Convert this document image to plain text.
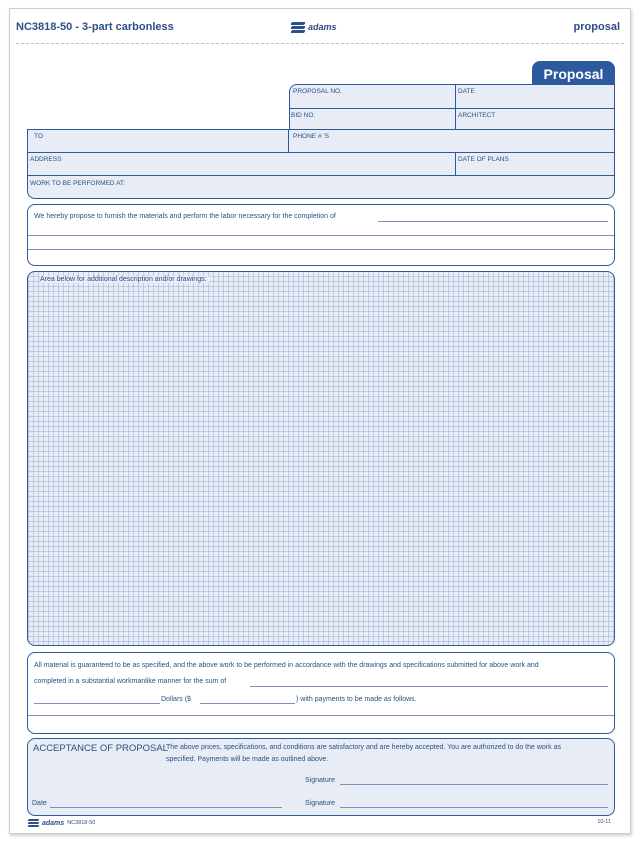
NC3818-50 - 3-part carbonless	adams	proposal
Proposal
PROPOSAL NO.	DATE
BID NO.	ARCHITECT
TO	PHONE # 'S
ADDRESS	DATE OF PLANS
WORK TO BE PERFORMED AT:
We hereby propose to furnish the materials and perform the labor necessary for the completion of
Area below for additional description and/or drawings:
All material is guaranteed to be as specified, and the above work to be performed in accordance with the drawings and specifications submitted for above work and
completed in a substantial workmanlike manner for the sum of
Dollars ($	) with payments to be made as follows.
ACCEPTANCE OF PROPOSAL
The above prices, specifications, and conditions are satisfactory and are hereby accepted. You are authorized to do the work as
specified. Payments will be made as outlined above.
Signature
Date	Signature
adams NC3818-50	10-11
